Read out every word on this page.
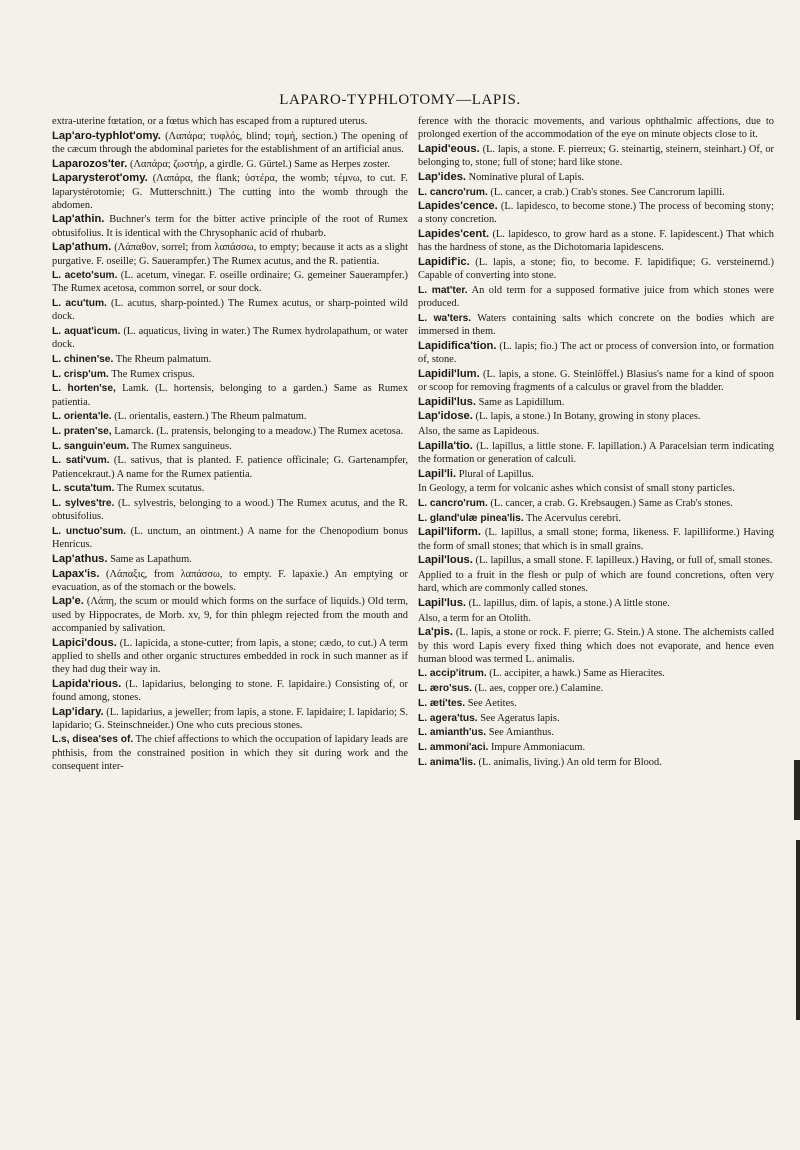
LAPARO-TYPHLOTOMY—LAPIS.

extra-uterine fœtation, or a fœtus which has escaped from a ruptured uterus.

Lap'aro-typhlot'omy. (Λαπάρα; τυφλός, blind; τομή, section.) The opening of the cæcum through the abdominal parietes for the establishment of an artificial anus.

Laparozos'ter. (Λαπάρα; ζωστήρ, a girdle. G. Gürtel.) Same as Herpes zoster.

Laparysterot'omy. (Λαπάρα, the flank; ὑστέρα, the womb; τέμνω, to cut. F. laparystérotomie; G. Mutterschnitt.) The cutting into the womb through the abdomen.

Lap'athin. Buchner's term for the bitter active principle of the root of Rumex obtusifolius. It is identical with the Chrysophanic acid of rhubarb.

Lap'athum. (Λάπαθον, sorrel; from λαπάσσω, to empty; because it acts as a slight purgative. F. oseille; G. Sauerampfer.) The Rumex acutus, and the R. patientia.

L. aceto'sum. (L. acetum, vinegar. F. oseille ordinaire; G. gemeiner Sauerampfer.) The Rumex acetosa, common sorrel, or sour dock.

L. acu'tum. (L. acutus, sharp-pointed.) The Rumex acutus, or sharp-pointed wild dock.

L. aquat'icum. (L. aquaticus, living in water.) The Rumex hydrolapathum, or water dock.

L. chinen'se. The Rheum palmatum.

L. crisp'um. The Rumex crispus.

L. horten'se, Lamk. (L. hortensis, belonging to a garden.) Same as Rumex patientia.

L. orienta'le. (L. orientalis, eastern.) The Rheum palmatum.

L. praten'se, Lamarck. (L. pratensis, belonging to a meadow.) The Rumex acetosa.

L. sanguin'eum. The Rumex sanguineus.

L. sati'vum. (L. sativus, that is planted. F. patience officinale; G. Gartenampfer, Patiencekraut.) A name for the Rumex patientia.

L. scuta'tum. The Rumex scutatus.

L. sylves'tre. (L. sylvestris, belonging to a wood.) The Rumex acutus, and the R. obtusifolius.

L. unctuo'sum. (L. unctum, an ointment.) A name for the Chenopodium bonus Henricus.

Lap'athus. Same as Lapathum.

Lapax'is. (Λάπαξις, from λαπάσσω, to empty. F. lapaxie.) An emptying or evacuation, as of the stomach or the bowels.

Lap'e. (Λάπη, the scum or mould which forms on the surface of liquids.) Old term, used by Hippocrates, de Morb. xv, 9, for thin phlegm rejected from the mouth and accompanied by salivation.

Lapici'dous. (L. lapicida, a stone-cutter; from lapis, a stone; cædo, to cut.) A term applied to shells and other organic structures embedded in rock in such manner as if they had dug their way in.

Lapida'rious. (L. lapidarius, belonging to stone. F. lapidaire.) Consisting of, or found among, stones.

Lap'idary. (L. lapidarius, a jeweller; from lapis, a stone. F. lapidaire; I. lapidario; S. lapidario; G. Steinschneider.) One who cuts precious stones.

L.s, disea'ses of. The chief affections to which the occupation of lapidary leads are phthisis, from the constrained position in which they sit during work and the consequent inter-

ference with the thoracic movements, and various ophthalmic affections, due to prolonged exertion of the accommodation of the eye on minute objects close to it.

Lapid'eous. (L. lapis, a stone. F. pierreux; G. steinartig, steinern, steinhart.) Of, or belonging to, stone; full of stone; hard like stone.

Lap'ides. Nominative plural of Lapis.

L. cancro'rum. (L. cancer, a crab.) Crab's stones. See Cancrorum lapilli.

Lapides'cence. (L. lapidesco, to become stone.) The process of becoming stony; a stony concretion.

Lapides'cent. (L. lapidesco, to grow hard as a stone. F. lapidescent.) That which has the hardness of stone, as the Dichotomaria lapidescens.

Lapidif'ic. (L. lapis, a stone; fio, to become. F. lapidifique; G. versteinernd.) Capable of converting into stone.

L. mat'ter. An old term for a supposed formative juice from which stones were produced.

L. wa'ters. Waters containing salts which concrete on the bodies which are immersed in them.

Lapidifica'tion. (L. lapis; fio.) The act or process of conversion into, or formation of, stone.

Lapidil'lum. (L. lapis, a stone. G. Steinlöffel.) Blasius's name for a kind of spoon or scoop for removing fragments of a calculus or gravel from the bladder.

Lapidil'lus. Same as Lapidillum.

Lap'idose. (L. lapis, a stone.) In Botany, growing in stony places.

Also, the same as Lapideous.

Lapilla'tio. (L. lapillus, a little stone. F. lapillation.) A Paracelsian term indicating the formation or generation of calculi.

Lapil'li. Plural of Lapillus.

In Geology, a term for volcanic ashes which consist of small stony particles.

L. cancro'rum. (L. cancer, a crab. G. Krebsaugen.) Same as Crab's stones.

L. gland'ulæ pinea'lis. The Acervulus cerebri.

Lapil'liform. (L. lapillus, a small stone; forma, likeness. F. lapilliforme.) Having the form of small stones; that which is in small grains.

Lapil'lous. (L. lapillus, a small stone. F. lapilleux.) Having, or full of, small stones.

Applied to a fruit in the flesh or pulp of which are found concretions, often very hard, which are commonly called stones.

Lapil'lus. (L. lapillus, dim. of lapis, a stone.) A little stone.

Also, a term for an Otolith.

La'pis. (L. lapis, a stone or rock. F. pierre; G. Stein.) A stone. The alchemists called by this word Lapis every fixed thing which does not evaporate, and hence even human blood was termed L. animalis.

L. accip'itrum. (L. accipiter, a hawk.) Same as Hieracites.

L. æro'sus. (L. aes, copper ore.) Calamine.

L. æti'tes. See Aetites.

L. agera'tus. See Ageratus lapis.

L. amianth'us. See Amianthus.

L. ammoni'aci. Impure Ammoniacum.

L. anima'lis. (L. animalis, living.) An old term for Blood.
